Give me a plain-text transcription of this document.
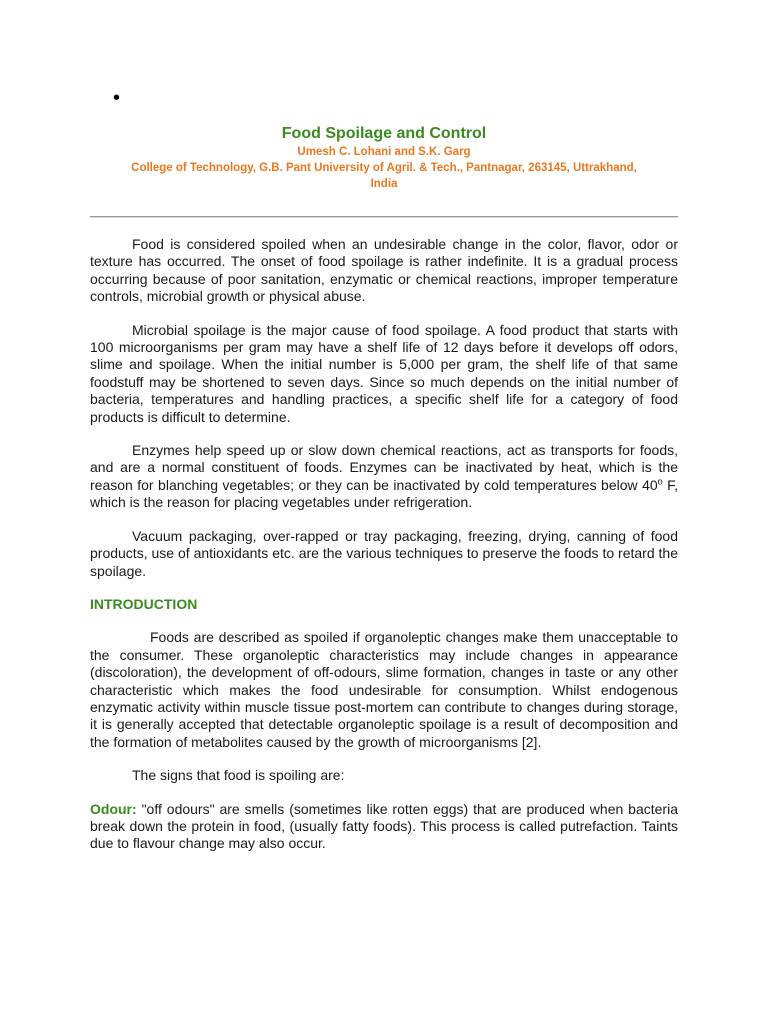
•

Food Spoilage and Control

Umesh C. Lohani and S.K. Garg

College of Technology, G.B. Pant University of Agril. & Tech., Pantnagar, 263145, Uttrakhand,

India

Food is considered spoiled when an undesirable change in the color, flavor, odor or texture has occurred. The onset of food spoilage is rather indefinite. It is a gradual process occurring because of poor sanitation, enzymatic or chemical reactions, improper temperature controls, microbial growth or physical abuse.

Microbial spoilage is the major cause of food spoilage. A food product that starts with 100 microorganisms per gram may have a shelf life of 12 days before it develops off odors, slime and spoilage. When the initial number is 5,000 per gram, the shelf life of that same foodstuff may be shortened to seven days. Since so much depends on the initial number of bacteria, temperatures and handling practices, a specific shelf life for a category of food products is difficult to determine.

Enzymes help speed up or slow down chemical reactions, act as transports for foods, and are a normal constituent of foods. Enzymes can be inactivated by heat, which is the reason for blanching vegetables; or they can be inactivated by cold temperatures below 40$^o$ F, which is the reason for placing vegetables under refrigeration.

Vacuum packaging, over-rapped or tray packaging, freezing, drying, canning of food products, use of antioxidants etc. are the various techniques to preserve the foods to retard the spoilage.

INTRODUCTION

Foods are described as spoiled if organoleptic changes make them unacceptable to the consumer. These organoleptic characteristics may include changes in appearance (discoloration), the development of off-odours, slime formation, changes in taste or any other characteristic which makes the food undesirable for consumption. Whilst endogenous enzymatic activity within muscle tissue post-mortem can contribute to changes during storage, it is generally accepted that detectable organoleptic spoilage is a result of decomposition and the formation of metabolites caused by the growth of microorganisms [2].

The signs that food is spoiling are:

Odour: "off odours" are smells (sometimes like rotten eggs) that are produced when bacteria break down the protein in food, (usually fatty foods). This process is called putrefaction. Taints due to flavour change may also occur.
